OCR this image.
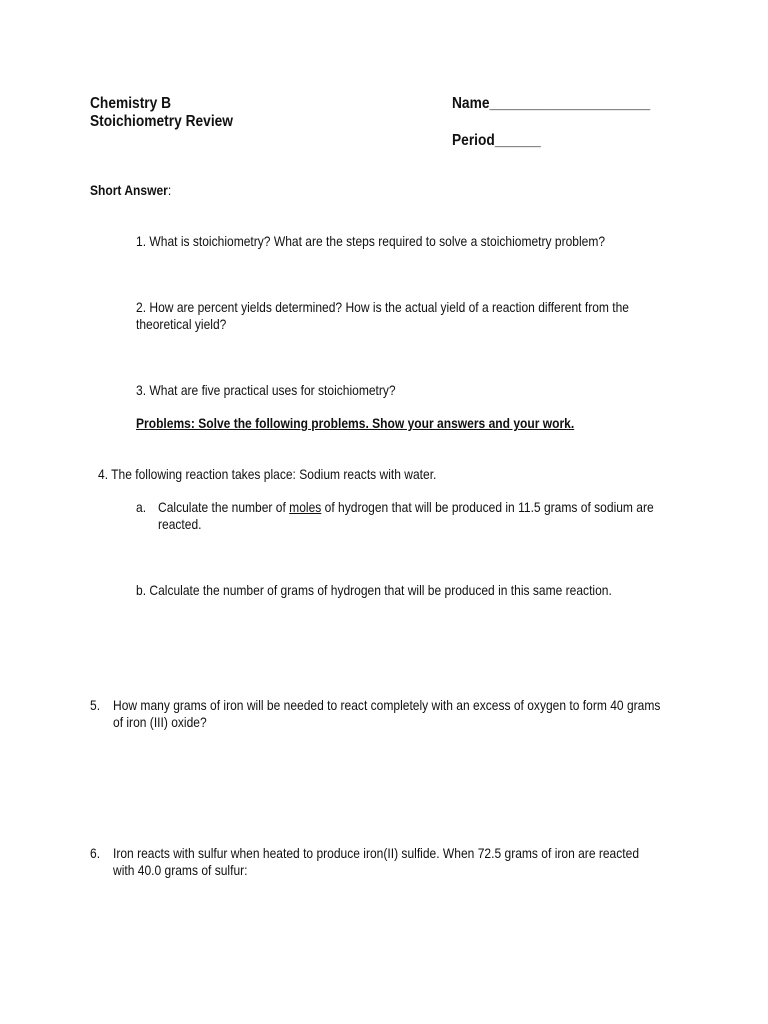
Chemistry B
Stoichiometry Review
Name_____________________
Period______
Short Answer:
1. What is stoichiometry? What are the steps required to solve a stoichiometry problem?
2. How are percent yields determined? How is the actual yield of a reaction different from the
theoretical yield?
3. What are five practical uses for stoichiometry?
Problems: Solve the following problems. Show your answers and your work.
4. The following reaction takes place: Sodium reacts with water.
a. Calculate the number of moles of hydrogen that will be produced in 11.5 grams of sodium are
reacted.
b. Calculate the number of grams of hydrogen that will be produced in this same reaction.
5. How many grams of iron will be needed to react completely with an excess of oxygen to form 40 grams
of iron (III) oxide?
6. Iron reacts with sulfur when heated to produce iron(II) sulfide. When 72.5 grams of iron are reacted
with 40.0 grams of sulfur:
